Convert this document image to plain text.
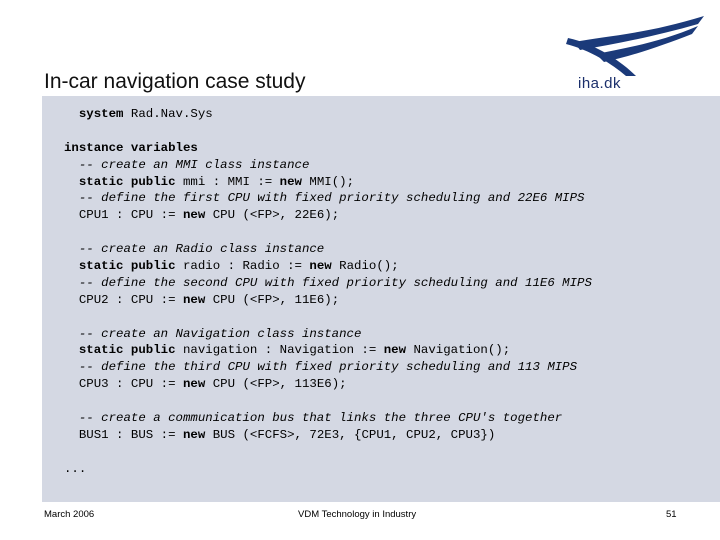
In-car navigation case study	iha.dk
system Rad.Nav.Sys
instance variables
-- create an MMI class instance
static public mmi : MMI := new MMI();
-- define the first CPU with fixed priority scheduling and 22E6 MIPS
CPU1 : CPU := new CPU (<FP>, 22E6);
-- create an Radio class instance
static public radio : Radio := new Radio();
-- define the second CPU with fixed priority scheduling and 11E6 MIPS
CPU2 : CPU := new CPU (<FP>, 11E6);
-- create an Navigation class instance
static public navigation : Navigation := new Navigation();
-- define the third CPU with fixed priority scheduling and 113 MIPS
CPU3 : CPU := new CPU (<FP>, 113E6);
-- create a communication bus that links the three CPU's together
BUS1 : BUS := new BUS (<FCFS>, 72E3, {CPU1, CPU2, CPU3})
...
March 2006	VDM Technology in Industry	51
